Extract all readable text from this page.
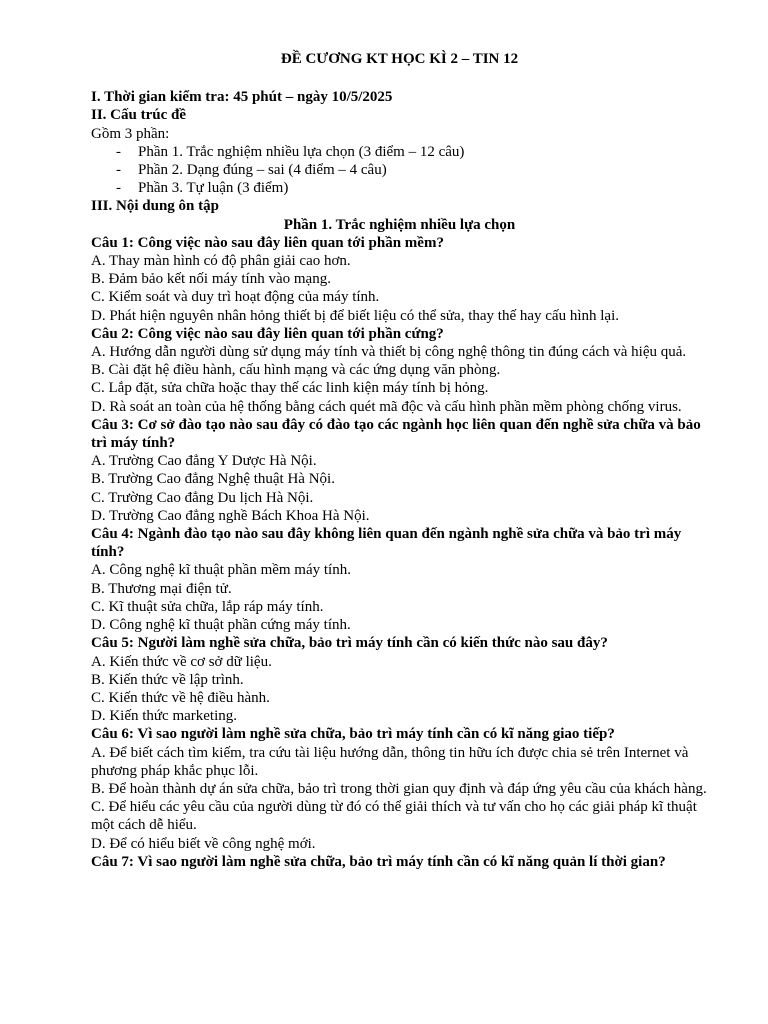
ĐỀ CƯƠNG KT HỌC KÌ 2 – TIN 12

I. Thời gian kiểm tra: 45 phút – ngày 10/5/2025

II. Cấu trúc đề

Gồm 3 phần:

- Phần 1. Trắc nghiệm nhiều lựa chọn (3 điểm – 12 câu)
- Phần 2. Dạng đúng – sai (4 điểm – 4 câu)
- Phần 3. Tự luận (3 điểm)

III. Nội dung ôn tập

Phần 1. Trắc nghiệm nhiều lựa chọn

Câu 1: Công việc nào sau đây liên quan tới phần mềm?

A. Thay màn hình có độ phân giải cao hơn.

B. Đảm bảo kết nối máy tính vào mạng.

C. Kiểm soát và duy trì hoạt động của máy tính.

D. Phát hiện nguyên nhân hỏng thiết bị để biết liệu có thể sửa, thay thế hay cấu hình lại.

Câu 2: Công việc nào sau đây liên quan tới phần cứng?

A. Hướng dẫn người dùng sử dụng máy tính và thiết bị công nghệ thông tin đúng cách và hiệu quả.

B. Cài đặt hệ điều hành, cấu hình mạng và các ứng dụng văn phòng.

C. Lắp đặt, sửa chữa hoặc thay thế các linh kiện máy tính bị hỏng.

D. Rà soát an toàn của hệ thống bằng cách quét mã độc và cấu hình phần mềm phòng chống virus.

Câu 3: Cơ sở đào tạo nào sau đây có đào tạo các ngành học liên quan đến nghề sửa chữa và bảo trì máy tính?

A. Trường Cao đẳng Y Dược Hà Nội.

B. Trường Cao đẳng Nghệ thuật Hà Nội.

C. Trường Cao đẳng Du lịch Hà Nội.

D. Trường Cao đẳng nghề Bách Khoa Hà Nội.

Câu 4: Ngành đào tạo nào sau đây không liên quan đến ngành nghề sửa chữa và bảo trì máy tính?

A. Công nghệ kĩ thuật phần mềm máy tính.

B. Thương mại điện tử.

C. Kĩ thuật sửa chữa, lắp ráp máy tính.

D. Công nghệ kĩ thuật phần cứng máy tính.

Câu 5: Người làm nghề sửa chữa, bảo trì máy tính cần có kiến thức nào sau đây?

A. Kiến thức về cơ sở dữ liệu.

B. Kiến thức về lập trình.

C. Kiến thức về hệ điều hành.

D. Kiến thức marketing.

Câu 6: Vì sao người làm nghề sửa chữa, bảo trì máy tính cần có kĩ năng giao tiếp?

A. Để biết cách tìm kiếm, tra cứu tài liệu hướng dẫn, thông tin hữu ích được chia sẻ trên Internet và phương pháp khắc phục lỗi.

B. Để hoàn thành dự án sửa chữa, bảo trì trong thời gian quy định và đáp ứng yêu cầu của khách hàng.

C. Để hiểu các yêu cầu của người dùng từ đó có thể giải thích và tư vấn cho họ các giải pháp kĩ thuật một cách dễ hiểu.

D. Để có hiểu biết về công nghệ mới.

Câu 7: Vì sao người làm nghề sửa chữa, bảo trì máy tính cần có kĩ năng quản lí thời gian?
